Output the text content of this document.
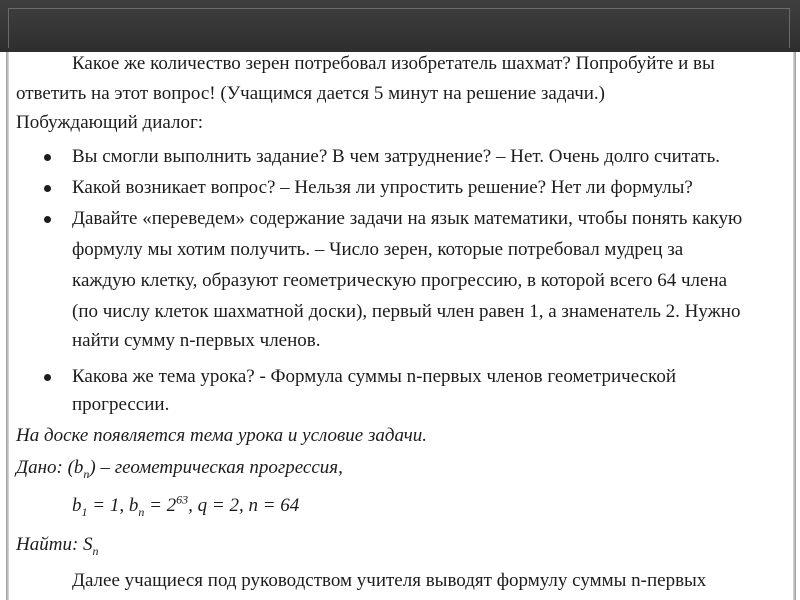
Какое же количество зерен потребовал изобретатель шахмат? Попробуйте и вы
ответить на этот вопрос! (Учащимся дается 5 минут на решение задачи.)
Побуждающий диалог:
Вы смогли выполнить задание? В чем затруднение? – Нет. Очень долго считать.
Какой возникает вопрос? – Нельзя ли упростить решение? Нет ли формулы?
Давайте «переведем» содержание задачи на язык математики, чтобы понять какую
формулу мы хотим получить. – Число зерен, которые потребовал мудрец за
каждую клетку, образуют геометрическую прогрессию, в которой всего 64 члена
(по числу клеток шахматной доски), первый член равен 1, а знаменатель 2. Нужно
найти сумму n-первых членов.
Какова же тема урока? - Формула суммы n-первых членов геометрической
прогрессии.
На доске появляется тема урока и условие задачи.
Дано: $(b_n)$ – геометрическая прогрессия,
$b_1 = 1$, $b_n = 2^{63}$, q = 2, n = 64
Найти: $S_n$
Далее учащиеся под руководством учителя выводят формулу суммы n-первых
